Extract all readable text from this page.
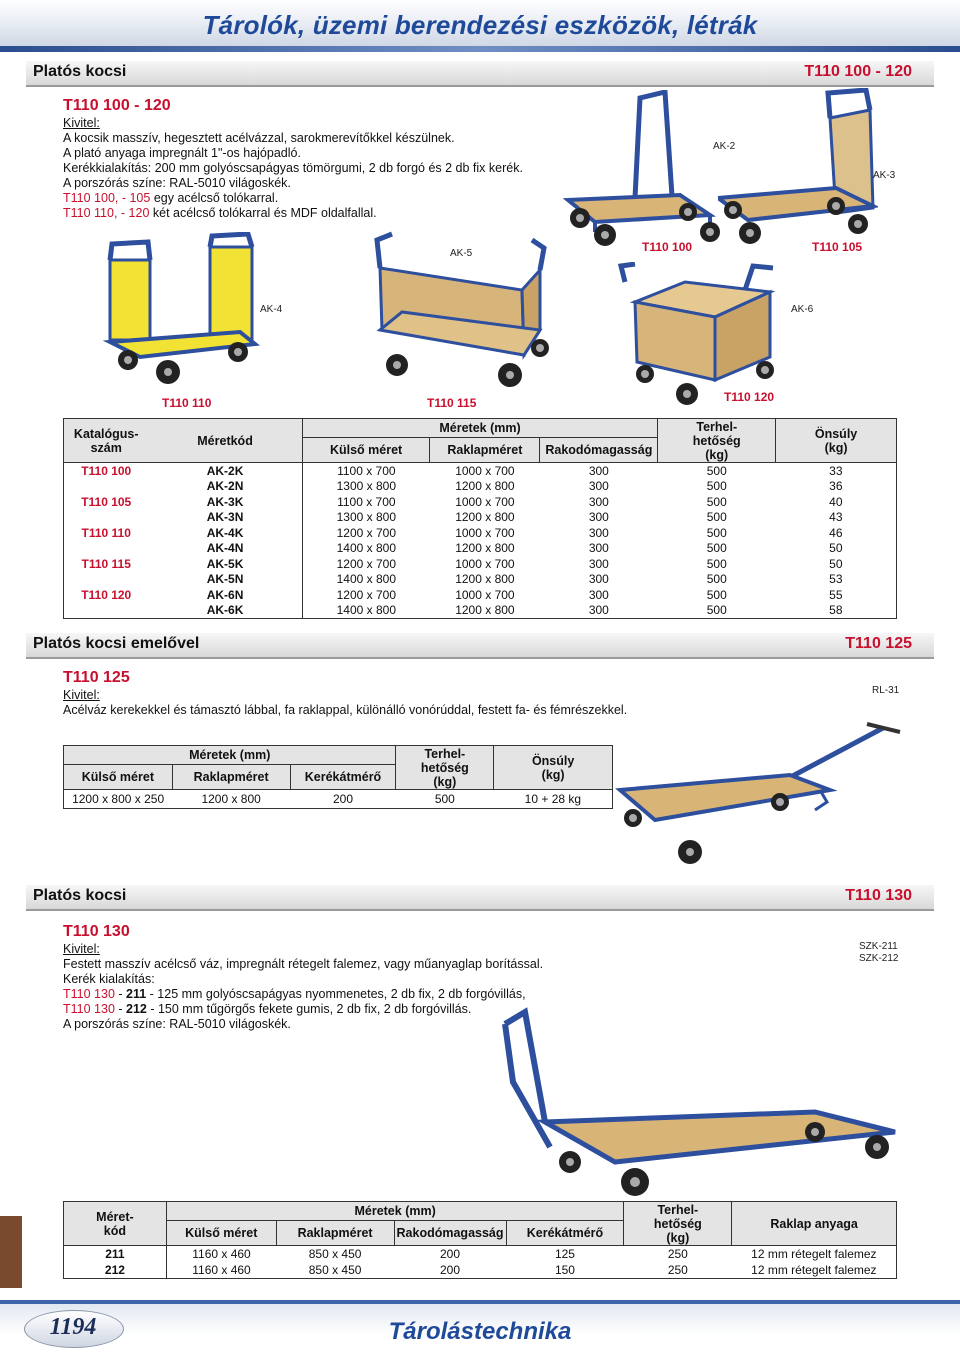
Tárolók, üzemi berendezési eszközök, létrák
Platós kocsi	T110 100 - 120
T110 100 - 120
Kivitel:
A kocsik masszív, hegesztett acélvázzal, sarokmerevítőkkel készülnek.
A plató anyaga impregnált 1"-os hajópadló.
Kerékkialakítás: 200 mm golyóscsapágyas tömörgumi, 2 db forgó és 2 db fix kerék.
A porszórás színe: RAL-5010 világoskék.
T110 100, - 105 egy acélcső tolókarral.
T110 110, - 120 két acélcső tolókarral és MDF oldalfallal.
AK-2
AK-3
T110 100	T110 105
AK-4
AK-5
AK-6
T110 110	T110 115	T110 120
Katalógus-
szám	Méretkód	Méretek (mm)			Terhel-
hetőség
(kg)	Önsúly
(kg)
		Külső méret	Raklapméret	Rakodómagasság		
T110 100	AK-2K	1100 x 700	1000 x 700	300	500	33
	AK-2N	1300 x 800	1200 x 800	300	500	36
T110 105	AK-3K	1100 x 700	1000 x 700	300	500	40
	AK-3N	1300 x 800	1200 x 800	300	500	43
T110 110	AK-4K	1200 x 700	1000 x 700	300	500	46
	AK-4N	1400 x 800	1200 x 800	300	500	50
T110 115	AK-5K	1200 x 700	1000 x 700	300	500	50
	AK-5N	1400 x 800	1200 x 800	300	500	53
T110 120	AK-6N	1200 x 700	1000 x 700	300	500	55
	AK-6K	1400 x 800	1200 x 800	300	500	58
Platós kocsi emelővel	T110 125
T110 125
Kivitel:
Acélváz kerekekkel és támasztó lábbal, fa raklappal, különálló vonórúddal, festett fa- és fémrészekkel.
RL-31
Méretek (mm)			Terhel-
hetőség
(kg)	Önsúly
(kg)
Külső méret	Raklapméret	Kerékátmérő		
1200 x 800 x 250	1200 x 800	200	500	10 + 28 kg
Platós kocsi	T110 130
T110 130
Kivitel:
Festett masszív acélcső váz, impregnált rétegelt falemez, vagy műanyaglap borítással.
Kerék kialakítás:
T110 130 - 211 - 125 mm golyóscsapágyas nyommenetes, 2 db fix, 2 db forgóvillás,
T110 130 - 212 - 150 mm tűgörgős fekete gumis, 2 db fix, 2 db forgóvillás.
A porszórás színe: RAL-5010 világoskék.
SZK-211
SZK-212
Méret-
kód	Méretek (mm)				Terhel-
hetőség
(kg)	Raklap anyaga
	Külső méret	Raklapméret	Rakodómagasság	Kerékátmérő		
211	1160 x 460	850 x 450	200	125	250	12 mm rétegelt falemez
212	1160 x 460	850 x 450	200	150	250	12 mm rétegelt falemez
1194	Tárolástechnika
